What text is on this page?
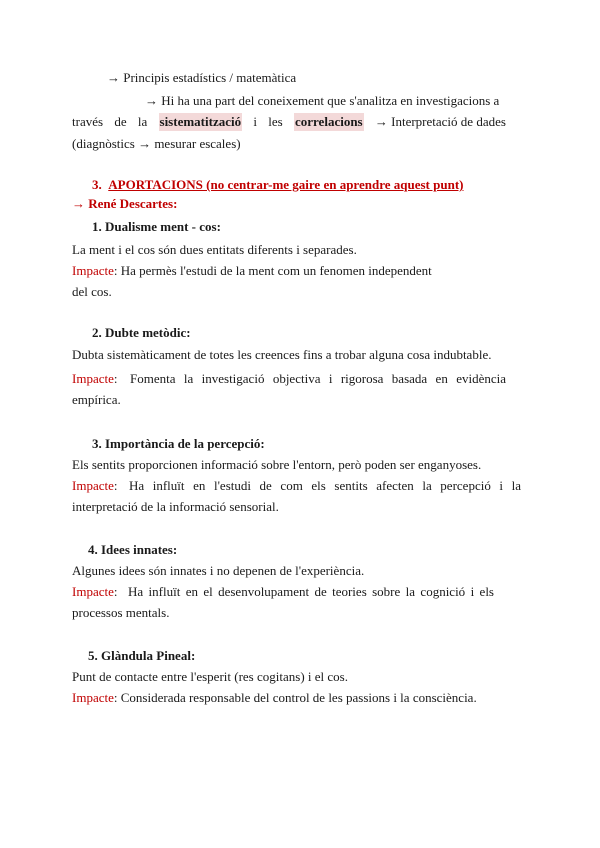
→ Principis estadístics / matemàtica
→ Hi ha una part del coneixement que s'analitza en investigacions a
través de la sistematització i les correlacions → Interpretació de dades
(diagnòstics → mesurar escales)
3. APORTACIONS (no centrar-me gaire en aprendre aquest punt)
→ René Descartes:
1. Dualisme ment - cos:
La ment i el cos són dues entitats diferents i separades.
Impacte: Ha permès l'estudi de la ment com un fenomen independent
del cos.
2. Dubte metòdic:
Dubta sistemàticament de totes les creences fins a trobar alguna cosa indubtable.
Impacte: Fomenta la investigació objectiva i rigorosa basada en evidència
empírica.
3. Importància de la percepció:
Els sentits proporcionen informació sobre l'entorn, però poden ser enganyoses.
Impacte: Ha influït en l'estudi de com els sentits afecten la percepció i la
interpretació de la informació sensorial.
4. Idees innates:
Algunes idees són innates i no depenen de l'experiència.
Impacte: Ha influït en el desenvolupament de teories sobre la cognició i els
processos mentals.
5. Glàndula Pineal:
Punt de contacte entre l'esperit (res cogitans) i el cos.
Impacte: Considerada responsable del control de les passions i la consciència.
